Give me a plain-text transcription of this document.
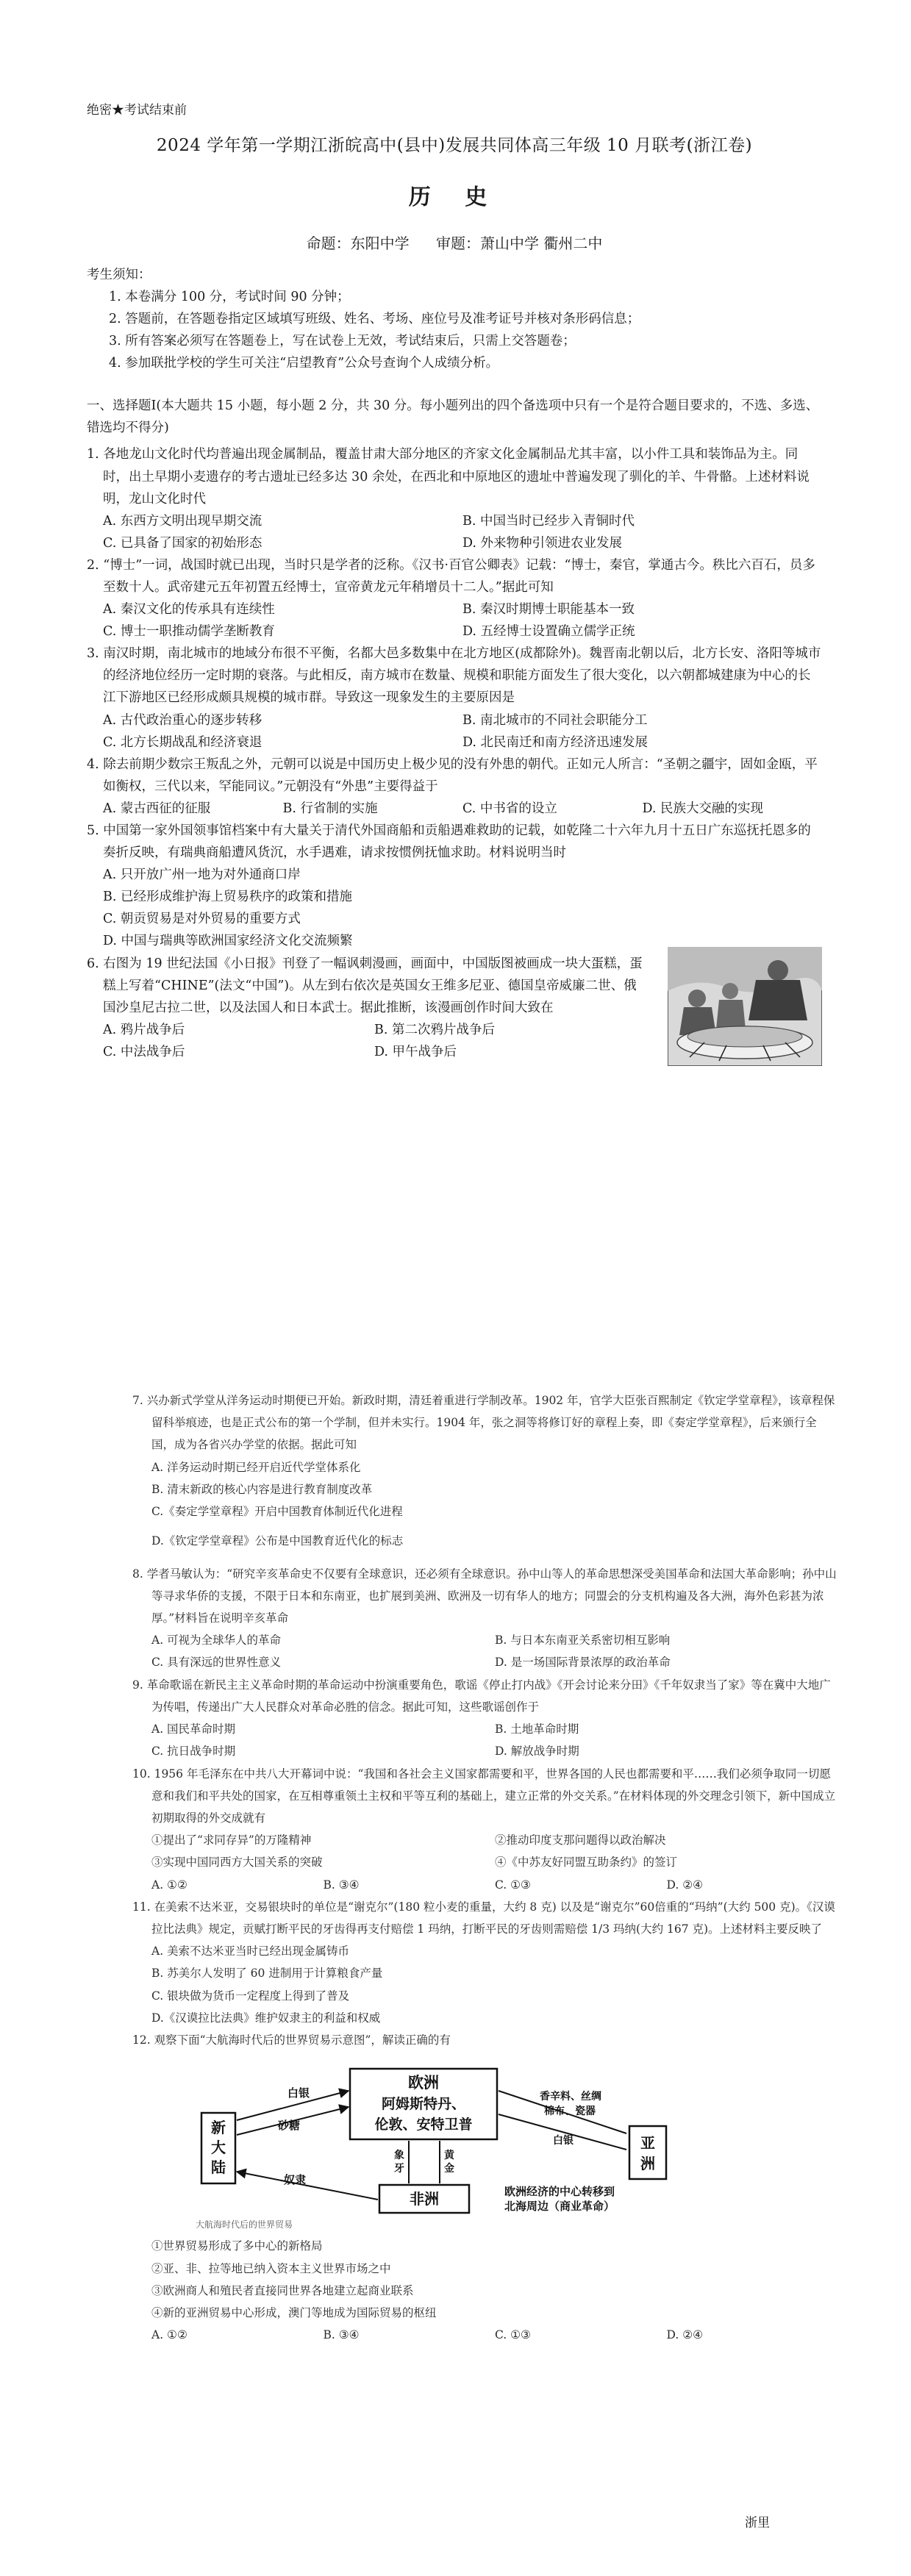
绝密★考试结束前
2024 学年第一学期江浙皖高中(县中)发展共同体高三年级 10 月联考(浙江卷)
历 史
命题：东阳中学 审题：萧山中学 衢州二中
考生须知：
1. 本卷满分 100 分，考试时间 90 分钟；
2. 答题前，在答题卷指定区域填写班级、姓名、考场、座位号及准考证号并核对条形码信息；
3. 所有答案必须写在答题卷上，写在试卷上无效，考试结束后，只需上交答题卷；
4. 参加联批学校的学生可关注“启望教育”公众号查询个人成绩分析。
一、选择题Ⅰ(本大题共 15 小题，每小题 2 分，共 30 分。每小题列出的四个备选项中只有一个是符合题目要求的，不选、多选、错选均不得分)
1. 各地龙山文化时代均普遍出现金属制品，覆盖甘肃大部分地区的齐家文化金属制品尤其丰富，以小件工具和装饰品为主。同时，出土早期小麦遗存的考古遗址已经多达 30 余处，在西北和中原地区的遗址中普遍发现了驯化的羊、牛骨骼。上述材料说明，龙山文化时代
A. 东西方文明出现早期交流	B. 中国当时已经步入青铜时代
C. 已具备了国家的初始形态	D. 外来物种引领进农业发展
2. “博士”一词，战国时就已出现，当时只是学者的泛称。《汉书·百官公卿表》记载：“博士，秦官，掌通古今。秩比六百石，员多至数十人。武帝建元五年初置五经博士，宣帝黄龙元年稍增员十二人。”据此可知
A. 秦汉文化的传承具有连续性	B. 秦汉时期博士职能基本一致
C. 博士一职推动儒学垄断教育	D. 五经博士设置确立儒学正统
3. 南汉时期，南北城市的地域分布很不平衡，名都大邑多数集中在北方地区(成都除外)。魏晋南北朝以后，北方长安、洛阳等城市的经济地位经历一定时期的衰落。与此相反，南方城市在数量、规模和职能方面发生了很大变化，以六朝都城建康为中心的长江下游地区已经形成颇具规模的城市群。导致这一现象发生的主要原因是
A. 古代政治重心的逐步转移	B. 南北城市的不同社会职能分工
C. 北方长期战乱和经济衰退	D. 北民南迁和南方经济迅速发展
4. 除去前期少数宗王叛乱之外，元朝可以说是中国历史上极少见的没有外患的朝代。正如元人所言：“圣朝之疆宇，固如金瓯，平如衡权，三代以来，罕能同议。”元朝没有“外患”主要得益于
A. 蒙古西征的征服	B. 行省制的实施	C. 中书省的设立	D. 民族大交融的实现
5. 中国第一家外国领事馆档案中有大量关于清代外国商船和贡船遇难救助的记载，如乾隆二十六年九月十五日广东巡抚托恩多的奏折反映，有瑞典商船遭风货沉，水手遇难，请求按惯例抚恤求助。材料说明当时
A. 只开放广州一地为对外通商口岸
B. 已经形成维护海上贸易秩序的政策和措施
C. 朝贡贸易是对外贸易的重要方式
D. 中国与瑞典等欧洲国家经济文化交流频繁
6. 右图为 19 世纪法国《小日报》刊登了一幅讽刺漫画，画面中，中国版图被画成一块大蛋糕，蛋糕上写着“CHINE”(法文“中国”)。从左到右依次是英国女王维多尼亚、德国皇帝威廉二世、俄国沙皇尼古拉二世，以及法国人和日本武士。据此推断，该漫画创作时间大致在
A. 鸦片战争后	B. 第二次鸦片战争后
C. 中法战争后	D. 甲午战争后
7. 兴办新式学堂从洋务运动时期便已开始。新政时期，清廷着重进行学制改革。1902 年，官学大臣张百熙制定《钦定学堂章程》，该章程保留科举痕迹，也是正式公布的第一个学制，但并未实行。1904 年，张之洞等将修订好的章程上奏，即《奏定学堂章程》，后来颁行全国，成为各省兴办学堂的依据。据此可知
A. 洋务运动时期已经开启近代学堂体系化
B. 清末新政的核心内容是进行教育制度改革
C.《奏定学堂章程》开启中国教育体制近代化进程
D.《钦定学堂章程》公布是中国教育近代化的标志
8. 学者马敏认为：“研究辛亥革命史不仅要有全球意识，还必须有全球意识。孙中山等人的革命思想深受美国革命和法国大革命影响；孙中山等寻求华侨的支援，不限于日本和东南亚，也扩展到美洲、欧洲及一切有华人的地方；同盟会的分支机构遍及各大洲，海外色彩甚为浓厚。”材料旨在说明辛亥革命
A. 可视为全球华人的革命	B. 与日本东南亚关系密切相互影响
C. 具有深远的世界性意义	D. 是一场国际背景浓厚的政治革命
9. 革命歌谣在新民主主义革命时期的革命运动中扮演重要角色，歌谣《停止打内战》《开会讨论来分田》《千年奴隶当了家》等在冀中大地广为传唱，传递出广大人民群众对革命必胜的信念。据此可知，这些歌谣创作于
A. 国民革命时期	B. 土地革命时期
C. 抗日战争时期	D. 解放战争时期
10. 1956 年毛泽东在中共八大开幕词中说：“我国和各社会主义国家都需要和平，世界各国的人民也都需要和平……我们必须争取同一切愿意和我们和平共处的国家，在互相尊重领土主权和平等互利的基础上，建立正常的外交关系。”在材料体现的外交理念引领下，新中国成立初期取得的外交成就有
①提出了“求同存异”的万隆精神	②推动印度支那问题得以政治解决
③实现中国同西方大国关系的突破	④《中苏友好同盟互助条约》的签订
A. ①②	B. ③④	C. ①③	D. ②④
11. 在美索不达米亚，交易银块时的单位是“谢克尔”(180 粒小麦的重量，大约 8 克) 以及是“谢克尔”60倍重的“玛纳”(大约 500 克)。《汉谟拉比法典》规定，贡赋打断平民的牙齿得再支付赔偿 1 玛纳，打断平民的牙齿则需赔偿 1/3 玛纳(大约 167 克)。上述材料主要反映了
A. 美索不达米亚当时已经出现金属铸币
B. 苏美尔人发明了 60 进制用于计算粮食产量
C. 银块做为货币一定程度上得到了普及
D.《汉谟拉比法典》维护奴隶主的利益和权威
12. 观察下面“大航海时代后的世界贸易示意图”，解读正确的有
新
大
陆
欧洲
阿姆斯特丹、
伦敦、安特卫普
亚
洲
非洲
白银
砂糖
奴隶
象
牙
黄
金
香辛料、丝绸
棉布、瓷器
白银
欧洲经济的中心转移到
北海周边（商业革命）
大航海时代后的世界贸易
①世界贸易形成了多中心的新格局
②亚、非、拉等地已纳入资本主义世界市场之中
③欧洲商人和殖民者直接同世界各地建立起商业联系
④新的亚洲贸易中心形成，澳门等地成为国际贸易的枢纽
A. ①②	B. ③④	C. ①③	D. ②④
浙里
